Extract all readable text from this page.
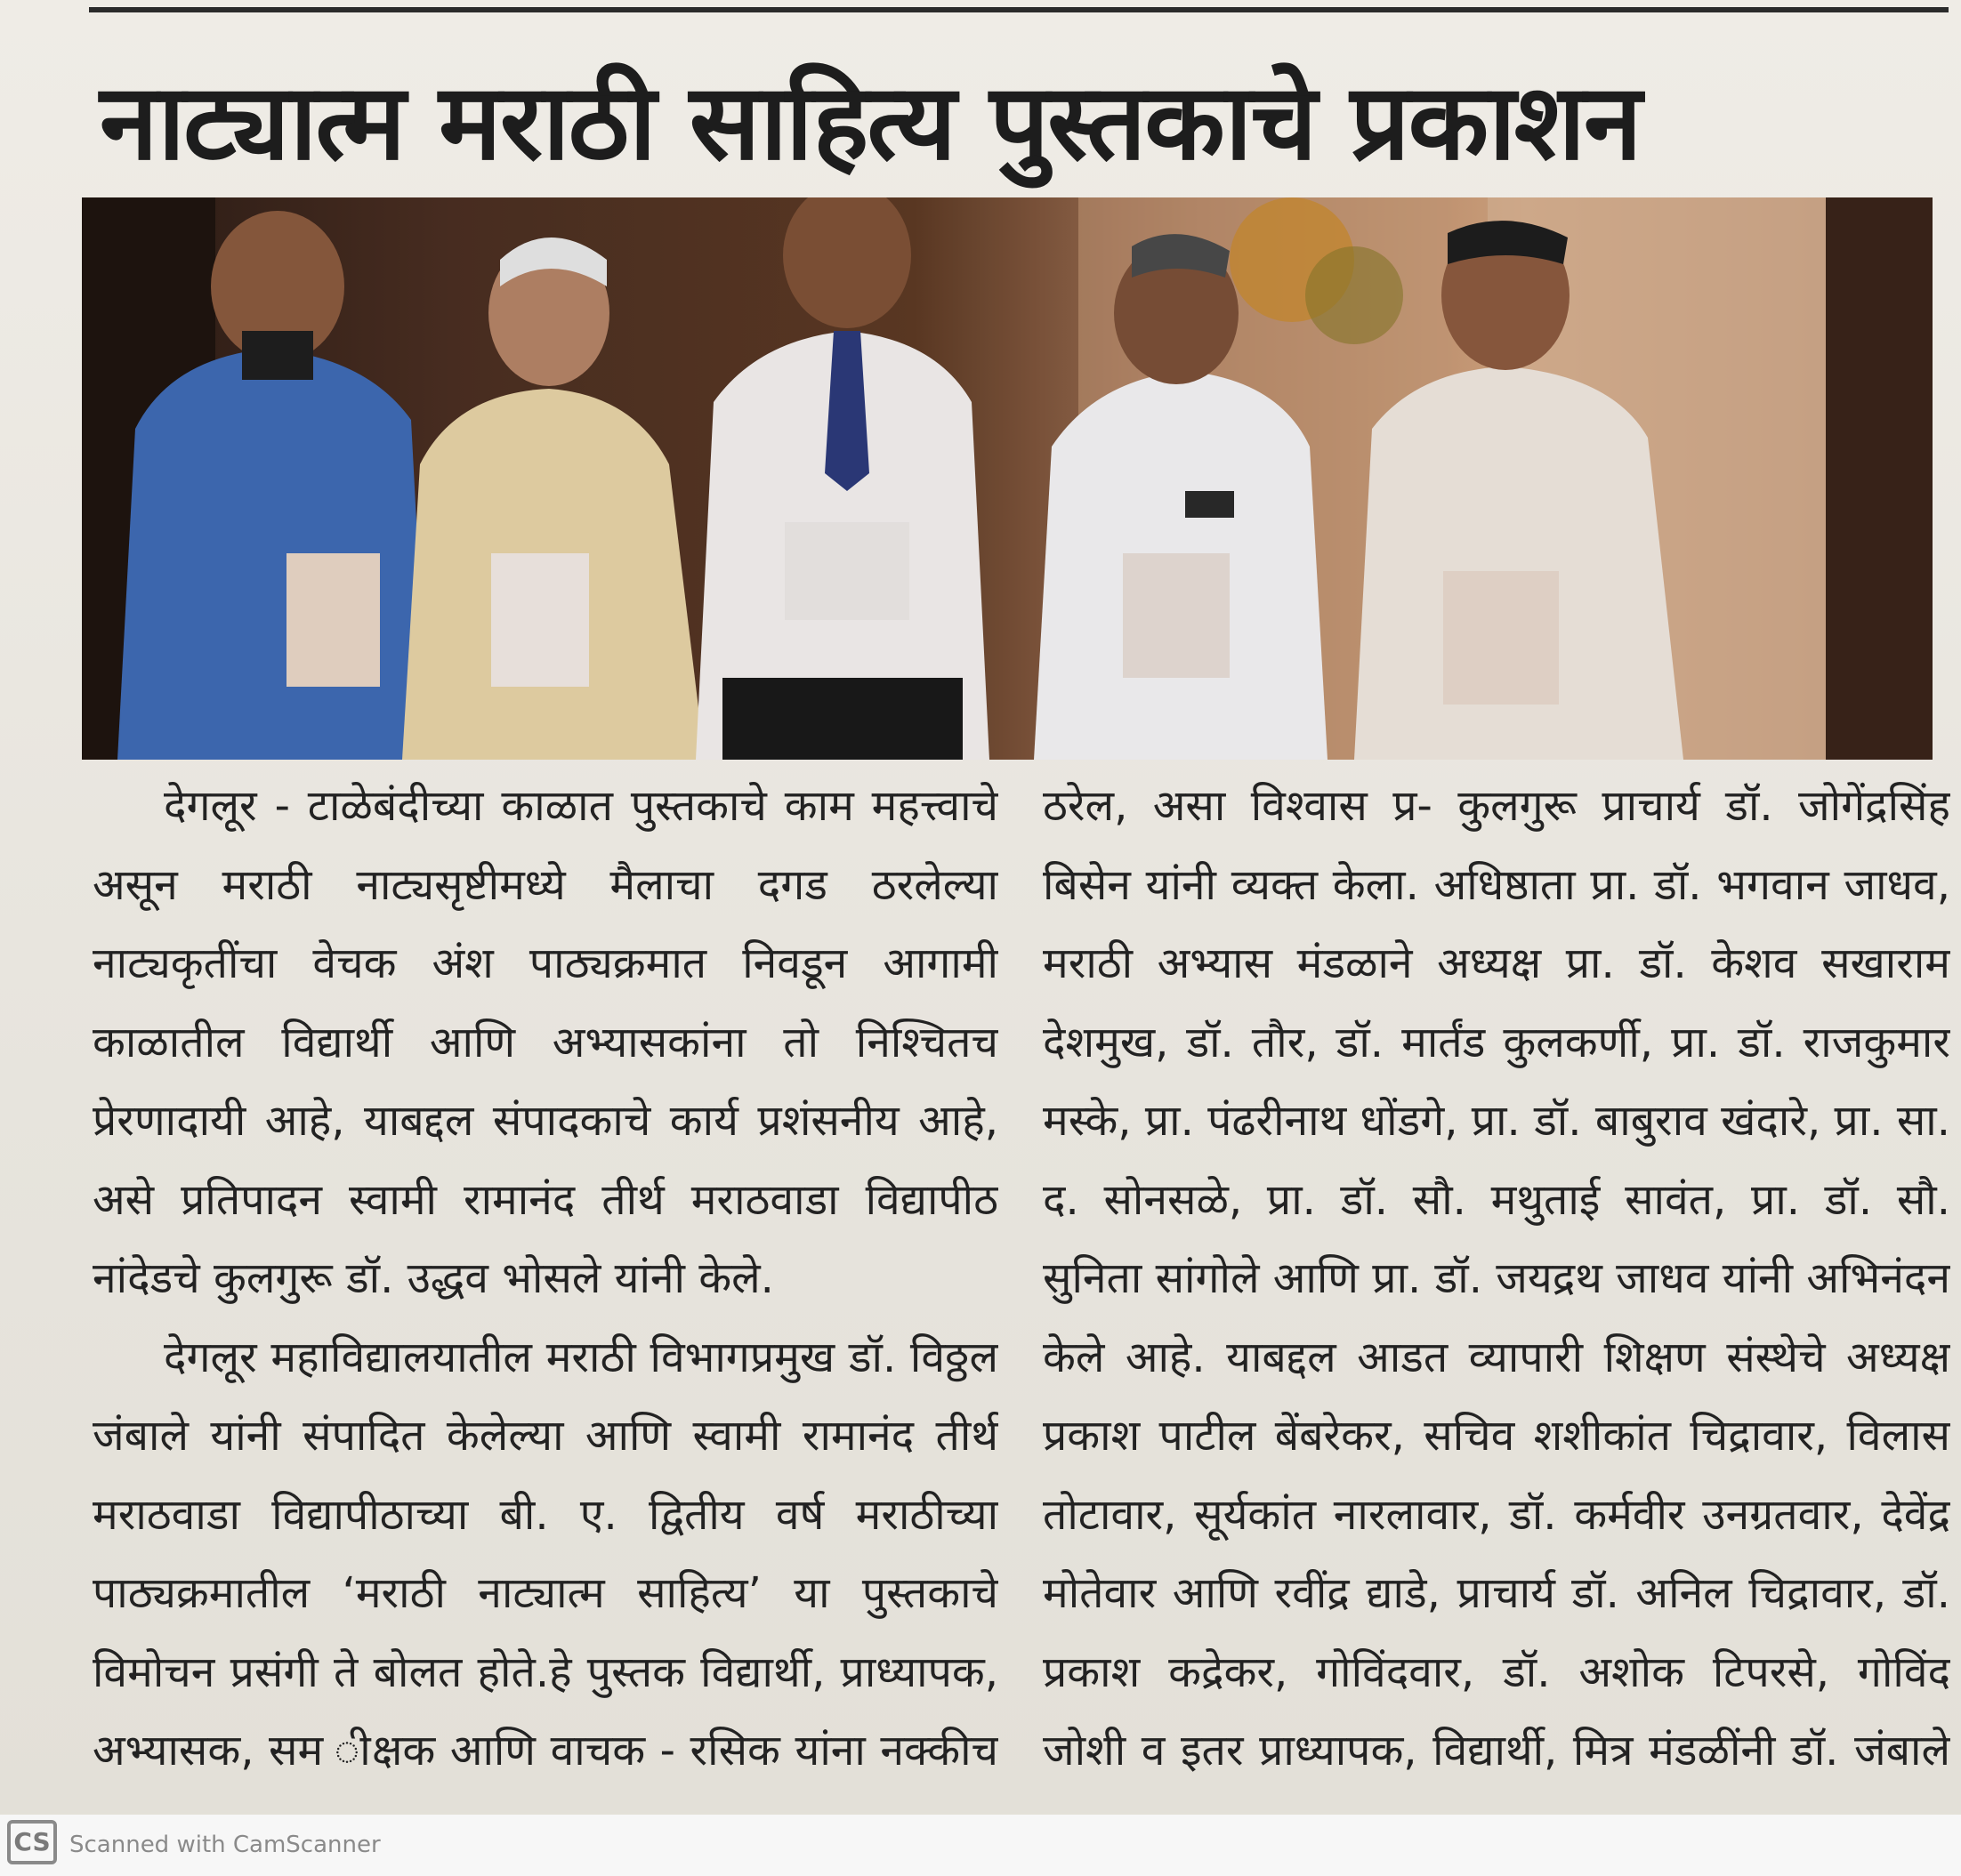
नाट्यात्म मराठी साहित्य पुस्तकाचे प्रकाशन

देगलूर - टाळेबंदीच्या काळात पुस्तकाचे काम महत्त्वाचे असून मराठी नाट्यसृष्टीमध्ये मैलाचा दगड ठरलेल्या नाट्यकृतींचा वेचक अंश पाठ्यक्रमात निवडून आगामी काळातील विद्यार्थी आणि अभ्यासकांना तो निश्चितच प्रेरणादायी आहे, याबद्दल संपादकाचे कार्य प्रशंसनीय आहे, असे प्रतिपादन स्वामी रामानंद तीर्थ मराठवाडा विद्यापीठ नांदेडचे कुलगुरू डॉ. उद्धव भोसले यांनी केले.

देगलूर महाविद्यालयातील मराठी विभागप्रमुख डॉ. विठ्ठल जंबाले यांनी संपादित केलेल्या आणि स्वामी रामानंद तीर्थ मराठवाडा विद्यापीठाच्या बी. ए. द्वितीय वर्ष मराठीच्या पाठ्यक्रमातील ‘मराठी नाट्यात्म साहित्य’ या पुस्तकाचे विमोचन प्रसंगी ते बोलत होते.हे पुस्तक विद्यार्थी, प्राध्यापक, अभ्यासक, सम ीक्षक आणि वाचक - रसिक यांना नक्कीच

ठरेल, असा विश्वास प्र- कुलगुरू प्राचार्य डॉ. जोगेंद्रसिंह बिसेन यांनी व्यक्त केला. अधिष्ठाता प्रा. डॉ. भगवान जाधव, मराठी अभ्यास मंडळाने अध्यक्ष प्रा. डॉ. केशव सखाराम देशमुख, डॉ. तौर, डॉ. मार्तंड कुलकर्णी, प्रा. डॉ. राजकुमार मस्के, प्रा. पंढरीनाथ धोंडगे, प्रा. डॉ. बाबुराव खंदारे, प्रा. सा. द. सोनसळे, प्रा. डॉ. सौ. मथुताई सावंत, प्रा. डॉ. सौ. सुनिता सांगोले आणि प्रा. डॉ. जयद्रथ जाधव यांनी अभिनंदन केले आहे. याबद्दल आडत व्यापारी शिक्षण संस्थेचे अध्यक्ष प्रकाश पाटील बेंबरेकर, सचिव शशीकांत चिद्रावार, विलास तोटावार, सूर्यकांत नारलावार, डॉ. कर्मवीर उनग्रतवार, देवेंद्र मोतेवार आणि रवींद्र द्याडे, प्राचार्य डॉ. अनिल चिद्रावार, डॉ. प्रकाश कद्रेकर, गोविंदवार, डॉ. अशोक टिपरसे, गोविंद जोशी व इतर प्राध्यापक, विद्यार्थी, मित्र मंडळींनी डॉ. जंबाले

CS Scanned with CamScanner
